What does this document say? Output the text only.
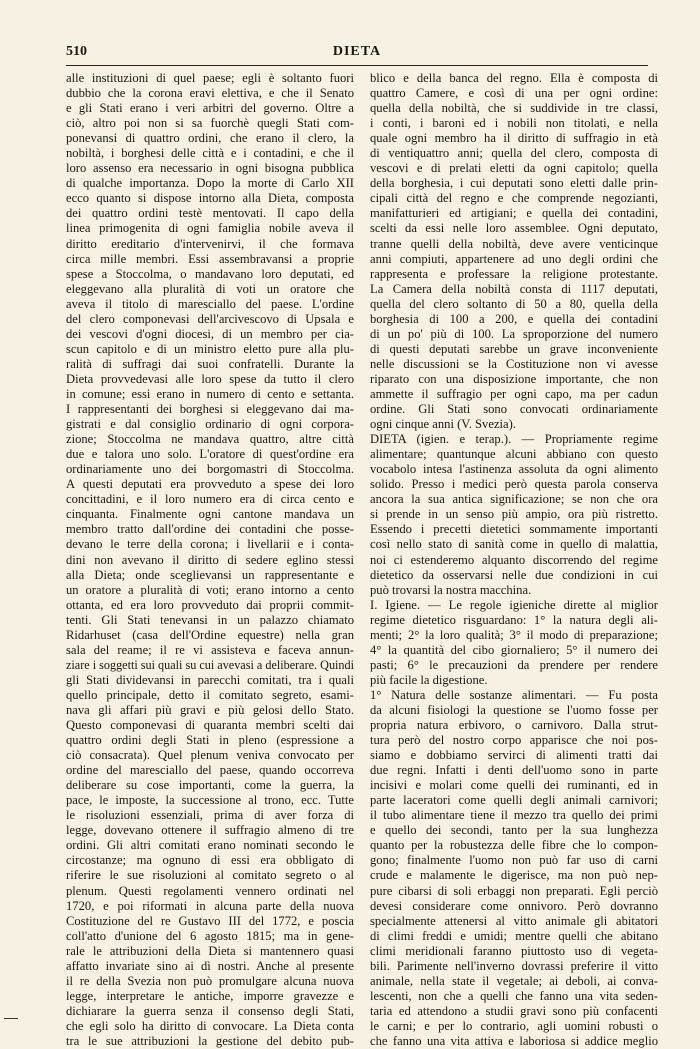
510	DIETA
alle instituzioni di quel paese; egli è soltanto fuori
dubbio che la corona eravi elettiva, e che il Senato
e gli Stati erano i veri arbitri del governo. Oltre a
ciò, altro poi non si sa fuorchè quegli Stati com-
ponevansi di quattro ordini, che erano il clero, la
nobiltà, i borghesi delle città e i contadini, e che il
loro assenso era necessario in ogni bisogna pubblica
di qualche importanza. Dopo la morte di Carlo XII
ecco quanto si dispose intorno alla Dieta, composta
dei quattro ordini testè mentovati. Il capo della
linea primogenita di ogni famiglia nobile aveva il
diritto ereditario d'intervenirvi, il che formava
circa mille membri. Essi assembravansi a proprie
spese a Stoccolma, o mandavano loro deputati, ed
eleggevano alla pluralità di voti un oratore che
aveva il titolo di maresciallo del paese. L'ordine
del clero componevasi dell'arcivescovo di Upsala e
dei vescovi d'ogni diocesi, di un membro per cia-
scun capitolo e di un ministro eletto pure alla plu-
ralità di suffragi dai suoi confratelli. Durante la
Dieta provvedevasi alle loro spese da tutto il clero
in comune; essi erano in numero di cento e settanta.
I rappresentanti dei borghesi si eleggevano dai ma-
gistrati e dal consiglio ordinario di ogni corpora-
zione; Stoccolma ne mandava quattro, altre città
due e talora uno solo. L'oratore di quest'ordine era
ordinariamente uno dei borgomastri di Stoccolma.
A questi deputati era provveduto a spese dei loro
concittadini, e il loro numero era di circa cento e
cinquanta. Finalmente ogni cantone mandava un
membro tratto dall'ordine dei contadini che posse-
devano le terre della corona; i livellarii e i conta-
dini non avevano il diritto di sedere eglino stessi
alla Dieta; onde sceglievansi un rappresentante e
un oratore a pluralità di voti; erano intorno a cento
ottanta, ed era loro provveduto dai proprii commit-
tenti. Gli Stati tenevansi in un palazzo chiamato
Ridarhuset (casa dell'Ordine equestre) nella gran
sala del reame; il re vi assisteva e faceva annun-
ziare i soggetti sui quali su cui avevasi a deliberare. Quindi
gli Stati dividevansi in parecchi comitati, tra i quali
quello principale, detto il comitato segreto, esami-
nava gli affari più gravi e più gelosi dello Stato.
Questo componevasi di quaranta membri scelti dai
quattro ordini degli Stati in pleno (espressione a
ciò consacrata). Quel plenum veniva convocato per
ordine del maresciallo del paese, quando occorreva
deliberare su cose importanti, come la guerra, la
pace, le imposte, la successione al trono, ecc. Tutte
le risoluzioni essenziali, prima di aver forza di
legge, dovevano ottenere il suffragio almeno di tre
ordini. Gli altri comitati erano nominati secondo le
circostanze; ma ognuno di essi era obbligato di
riferire le sue risoluzioni al comitato segreto o al
plenum. Questi regolamenti vennero ordinati nel
1720, e poi riformati in alcuna parte della nuova
Costituzione del re Gustavo III del 1772, e poscia
coll'atto d'unione del 6 agosto 1815; ma in gene-
rale le attribuzioni della Dieta si mantennero quasi
affatto invariate sino ai dì nostri. Anche al presente
il re della Svezia non può promulgare alcuna nuova
legge, interpretare le antiche, imporre gravezze e
dichiarare la guerra senza il consenso degli Stati,
che egli solo ha diritto di convocare. La Dieta conta
tra le sue attribuzioni la gestione del debito pub-
blico e della banca del regno. Ella è composta di
quattro Camere, e così di una per ogni ordine:
quella della nobiltà, che si suddivide in tre classi,
i conti, i baroni ed i nobili non titolati, e nella
quale ogni membro ha il diritto di suffragio in età
di ventiquattro anni; quella del clero, composta di
vescovi e di prelati eletti da ogni capitolo; quella
della borghesia, i cui deputati sono eletti dalle prin-
cipali città del regno e che comprende negozianti,
manifatturieri ed artigiani; e quella dei contadini,
scelti da essi nelle loro assemblee. Ogni deputato,
tranne quelli della nobiltà, deve avere venticinque
anni compiuti, appartenere ad uno degli ordini che
rappresenta e professare la religione protestante.
La Camera della nobiltà consta di 1117 deputati,
quella del clero soltanto di 50 a 80, quella della
borghesia di 100 a 200, e quella dei contadini
di un po' più di 100. La sproporzione del numero
di questi deputati sarebbe un grave inconveniente
nelle discussioni se la Costituzione non vi avesse
riparato con una disposizione importante, che non
ammette il suffragio per ogni capo, ma per cadun
ordine. Gli Stati sono convocati ordinariamente
ogni cinque anni (V. Svezia).
DIETA (igien. e terap.). — Propriamente regime
alimentare; quantunque alcuni abbiano con questo
vocabolo intesa l'astinenza assoluta da ogni alimento
solido. Presso i medici però questa parola conserva
ancora la sua antica significazione; se non che ora
si prende in un senso più ampio, ora più ristretto.
Essendo i precetti dietetici sommamente importanti
così nello stato di sanità come in quello di malattia,
noi ci estenderemo alquanto discorrendo del regime
dietetico da osservarsi nelle due condizioni in cui
può trovarsi la nostra macchina.
I. Igiene. — Le regole igieniche dirette al miglior
regime dietetico risguardano: 1° la natura degli ali-
menti; 2° la loro qualità; 3° il modo di preparazione;
4° la quantità del cibo giornaliero; 5° il numero dei
pasti; 6° le precauzioni da prendere per rendere
più facile la digestione.
1° Natura delle sostanze alimentari. — Fu posta
da alcuni fisiologi la questione se l'uomo fosse per
propria natura erbivoro, o carnivoro. Dalla strut-
tura però del nostro corpo apparisce che noi pos-
siamo e dobbiamo servirci di alimenti tratti dai
due regni. Infatti i denti dell'uomo sono in parte
incisivi e molari come quelli dei ruminanti, ed in
parte laceratori come quelli degli animali carnivori;
il tubo alimentare tiene il mezzo tra quello dei primi
e quello dei secondi, tanto per la sua lunghezza
quanto per la robustezza delle fibre che lo compon-
gono; finalmente l'uomo non può far uso di carni
crude e malamente le digerisce, ma non può nep-
pure cibarsi di soli erbaggi non preparati. Egli perciò
devesi considerare come onnivoro. Però dovranno
specialmente attenersi al vitto animale gli abitatori
di climi freddi e umidi; mentre quelli che abitano
climi meridionali faranno piuttosto uso di vegeta-
bili. Parimente nell'inverno dovrassi preferire il vitto
animale, nella state il vegetale; ai deboli, ai conva-
lescenti, non che a quelli che fanno una vita seden-
taria ed attendono a studii gravi sono più confacenti
le carni; e per lo contrario, agli uomini robusti o
che fanno una vita attiva e laboriosa si addice meglio
